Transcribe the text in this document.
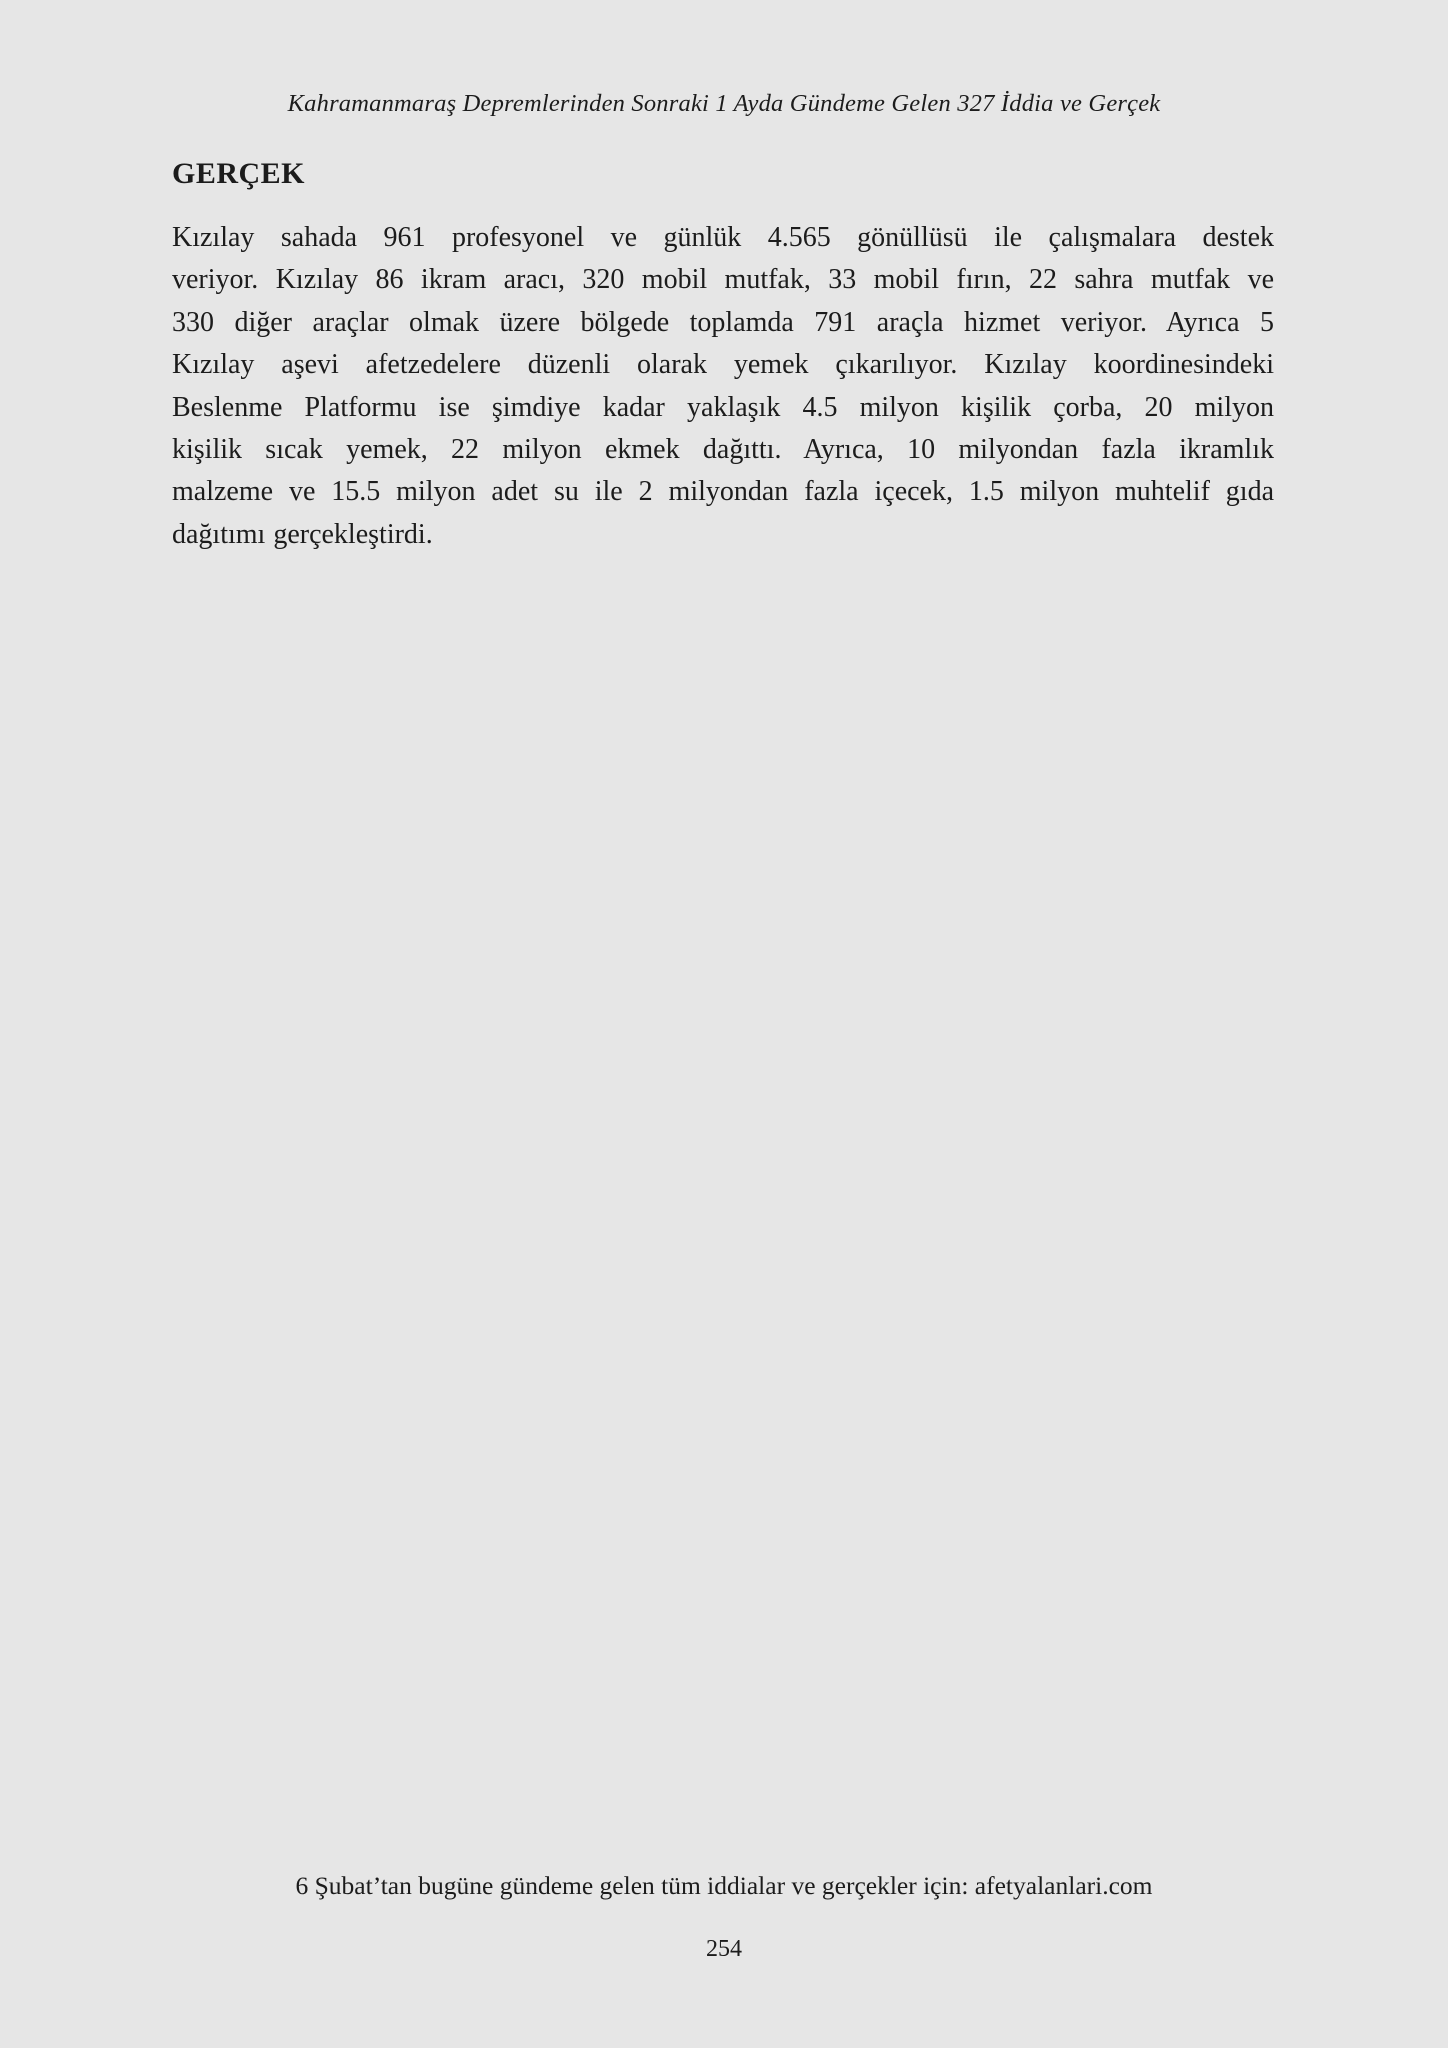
Kahramanmaraş Depremlerinden Sonraki 1 Ayda Gündeme Gelen 327 İddia ve Gerçek
GERÇEK
Kızılay sahada 961 profesyonel ve günlük 4.565 gönüllüsü ile çalışmalara destek
veriyor. Kızılay 86 ikram aracı, 320 mobil mutfak, 33 mobil fırın, 22 sahra mutfak ve
330 diğer araçlar olmak üzere bölgede toplamda 791 araçla hizmet veriyor. Ayrıca 5
Kızılay aşevi afetzedelere düzenli olarak yemek çıkarılıyor. Kızılay koordinesindeki
Beslenme Platformu ise şimdiye kadar yaklaşık 4.5 milyon kişilik çorba, 20 milyon
kişilik sıcak yemek, 22 milyon ekmek dağıttı. Ayrıca, 10 milyondan fazla ikramlık
malzeme ve 15.5 milyon adet su ile 2 milyondan fazla içecek, 1.5 milyon muhtelif gıda
dağıtımı gerçekleştirdi.
6 Şubat’tan bugüne gündeme gelen tüm iddialar ve gerçekler için: afetyalanlari.com
254
